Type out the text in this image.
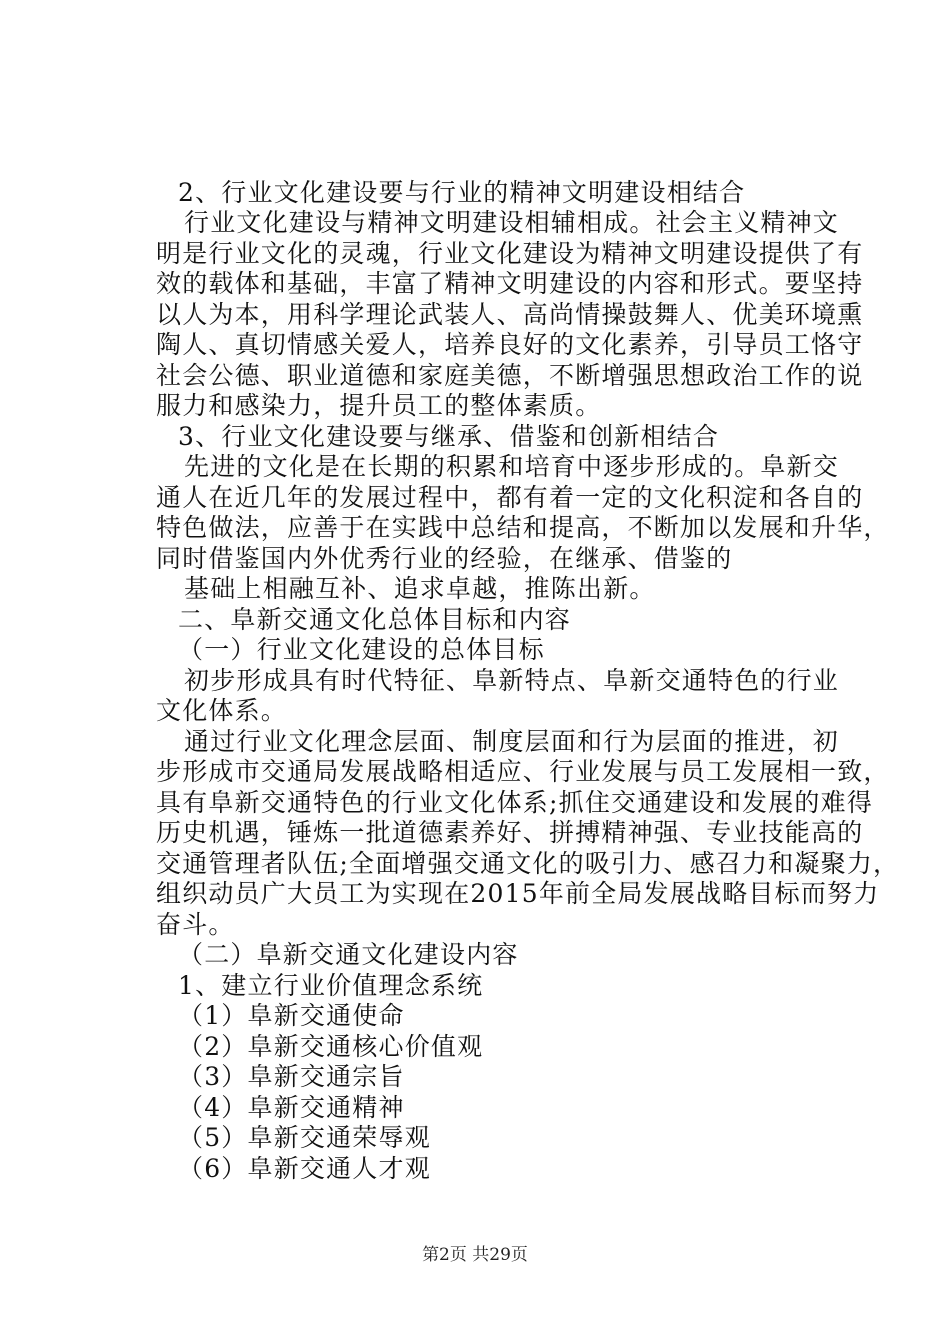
2、行业文化建设要与行业的精神文明建设相结合
行业文化建设与精神文明建设相辅相成。社会主义精神文
明是行业文化的灵魂，行业文化建设为精神文明建设提供了有
效的载体和基础，丰富了精神文明建设的内容和形式。要坚持
以人为本，用科学理论武装人、高尚情操鼓舞人、优美环境熏
陶人、真切情感关爱人，培养良好的文化素养，引导员工恪守
社会公德、职业道德和家庭美德，不断增强思想政治工作的说
服力和感染力，提升员工的整体素质。
3、行业文化建设要与继承、借鉴和创新相结合
先进的文化是在长期的积累和培育中逐步形成的。阜新交
通人在近几年的发展过程中，都有着一定的文化积淀和各自的
特色做法，应善于在实践中总结和提高，不断加以发展和升华，
同时借鉴国内外优秀行业的经验，在继承、借鉴的
基础上相融互补、追求卓越，推陈出新。
二、阜新交通文化总体目标和内容
（一）行业文化建设的总体目标
初步形成具有时代特征、阜新特点、阜新交通特色的行业
文化体系。
通过行业文化理念层面、制度层面和行为层面的推进，初
步形成市交通局发展战略相适应、行业发展与员工发展相一致，
具有阜新交通特色的行业文化体系;抓住交通建设和发展的难得
历史机遇，锤炼一批道德素养好、拼搏精神强、专业技能高的
交通管理者队伍;全面增强交通文化的吸引力、感召力和凝聚力，
组织动员广大员工为实现在2015年前全局发展战略目标而努力
奋斗。
（二）阜新交通文化建设内容
1、建立行业价值理念系统
（1）阜新交通使命
（2）阜新交通核心价值观
（3）阜新交通宗旨
（4）阜新交通精神
（5）阜新交通荣辱观
（6）阜新交通人才观
第2页 共29页
